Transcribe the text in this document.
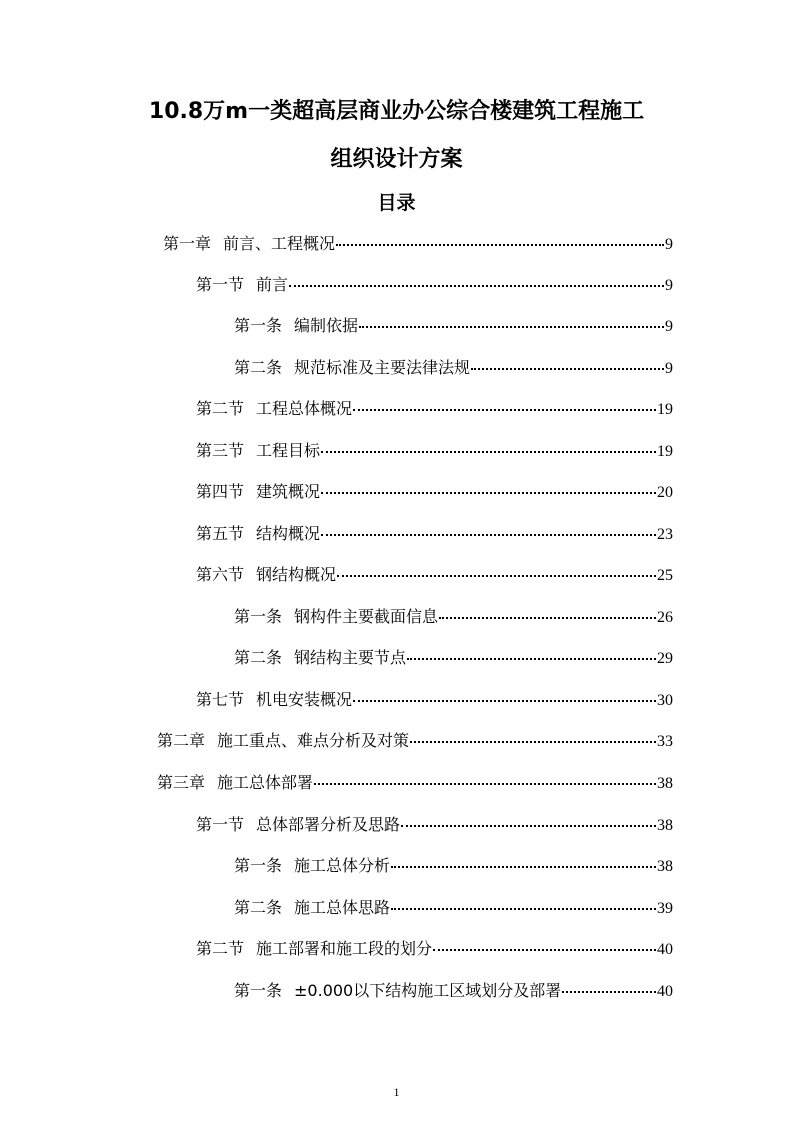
10.8万m一类超高层商业办公综合楼建筑工程施工
组织设计方案
目录
第一章 前言、工程概况	9
第一节 前言	9
第一条 编制依据	9
第二条 规范标准及主要法律法规	9
第二节 工程总体概况	19
第三节 工程目标	19
第四节 建筑概况	20
第五节 结构概况	23
第六节 钢结构概况	25
第一条 钢构件主要截面信息	26
第二条 钢结构主要节点	29
第七节 机电安装概况	30
第二章 施工重点、难点分析及对策	33
第三章 施工总体部署	38
第一节 总体部署分析及思路	38
第一条 施工总体分析	38
第二条 施工总体思路	39
第二节 施工部署和施工段的划分	40
第一条 ±0.000以下结构施工区域划分及部署	40
1
